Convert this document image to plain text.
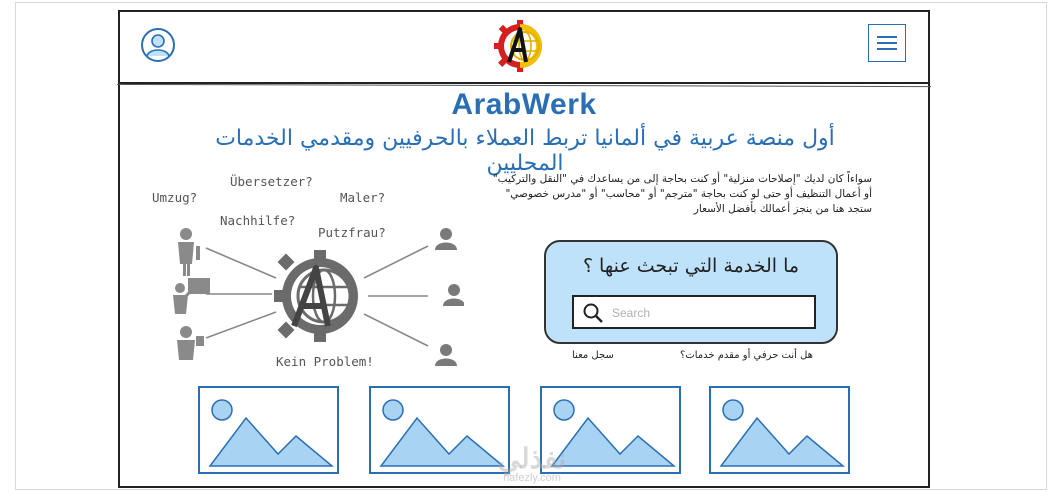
ArabWerk
أول منصة عربية في ألمانيا تربط العملاء بالحرفيين ومقدمي الخدمات المحليين
سواءاً كان لديك "إصلاحات منزلية" أو كنت بحاجة إلى من يساعدك في "النقل والتركيب"
أو أعمال التنظيف أو حتى لو كنت بحاجة "مترجم" أو "محاسب" أو "مدرس خصوصي"
ستجد هنا من ينجز أعمالك بأفضل الأسعار
Umzug?
Übersetzer?
Maler?
Nachhilfe?
Putzfrau?
Kein Problem!
ما الخدمة التي تبحث عنها ؟
Search
هل أنت حرفي أو مقدم خدمات؟
سجل معنا
نفذلي
nafezly.com
